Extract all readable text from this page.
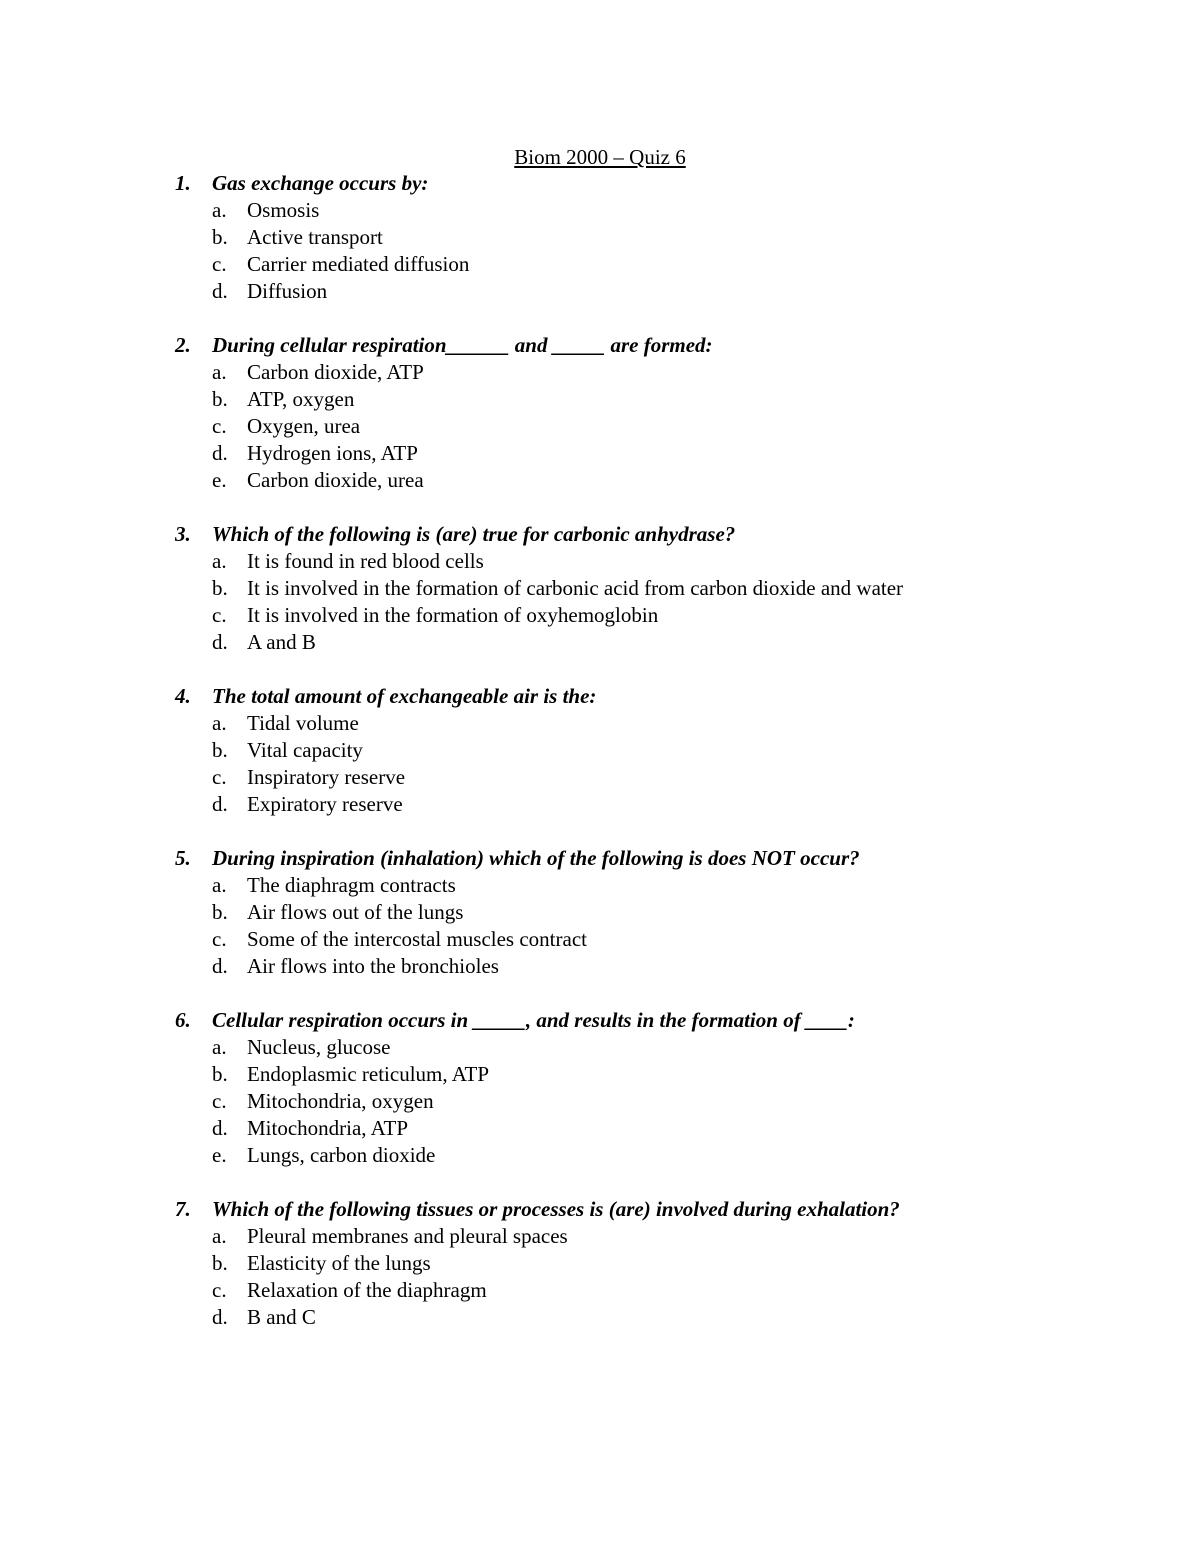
Biom 2000 – Quiz 6
1. Gas exchange occurs by:
a. Osmosis
b. Active transport
c. Carrier mediated diffusion
d. Diffusion
2. During cellular respiration______ and _____ are formed:
a. Carbon dioxide, ATP
b. ATP, oxygen
c. Oxygen, urea
d. Hydrogen ions, ATP
e. Carbon dioxide, urea
3. Which of the following is (are) true for carbonic anhydrase?
a. It is found in red blood cells
b. It is involved in the formation of carbonic acid from carbon dioxide and water
c. It is involved in the formation of oxyhemoglobin
d. A and B
4. The total amount of exchangeable air is the:
a. Tidal volume
b. Vital capacity
c. Inspiratory reserve
d. Expiratory reserve
5. During inspiration (inhalation) which of the following is does NOT occur?
a. The diaphragm contracts
b. Air flows out of the lungs
c. Some of the intercostal muscles contract
d. Air flows into the bronchioles
6. Cellular respiration occurs in _____, and results in the formation of ____:
a. Nucleus, glucose
b. Endoplasmic reticulum, ATP
c. Mitochondria, oxygen
d. Mitochondria, ATP
e. Lungs, carbon dioxide
7. Which of the following tissues or processes is (are) involved during exhalation?
a. Pleural membranes and pleural spaces
b. Elasticity of the lungs
c. Relaxation of the diaphragm
d. B and C
